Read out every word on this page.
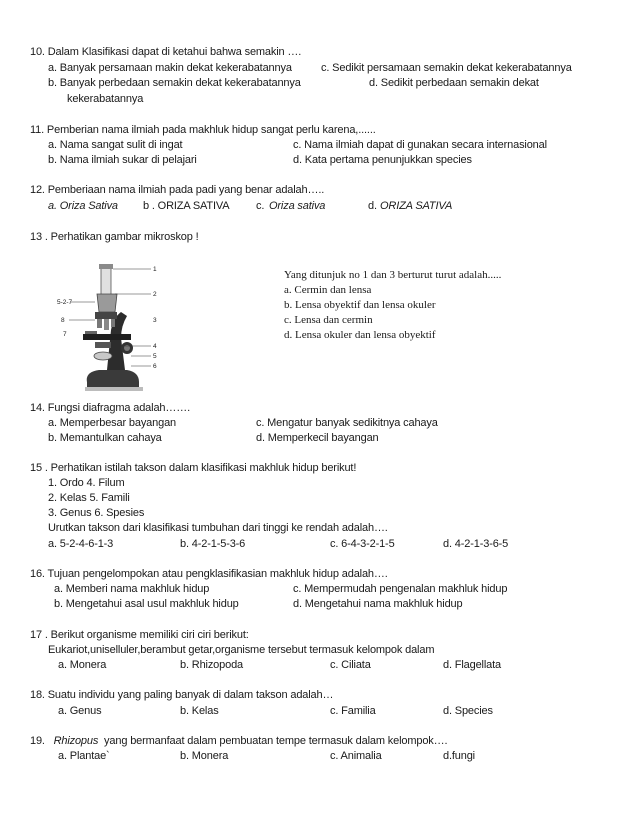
10. Dalam Klasifikasi dapat di ketahui bahwa semakin ….
a. Banyak persamaan makin dekat kekerabatannya	c. Sedikit persamaan semakin dekat kekerabatannya
b. Banyak perbedaan semakin dekat kekerabatannya	d. Sedikit perbedaan semakin dekat
kekerabatannya
11. Pemberian nama ilmiah pada makhluk hidup sangat perlu karena,......
a. Nama sangat sulit di ingat	c. Nama ilmiah dapat di gunakan secara internasional
b. Nama ilmiah sukar di pelajari	d. Kata pertama penunjukkan species
12. Pemberiaan nama ilmiah pada padi yang benar adalah…..
a. Oriza Sativa b . ORIZA SATIVA c. Oriza sativa	d. ORIZA SATIVA
13 . Perhatikan gambar mikroskop !
1
2
4
5
6
5-2-7
8
7
3
Yang ditunjuk no 1 dan 3 berturut turut adalah.....
a. Cermin dan lensa
b. Lensa obyektif dan lensa okuler
c. Lensa dan cermin
d. Lensa okuler dan lensa obyektif
14. Fungsi diafragma adalah…….
a. Memperbesar bayangan	c. Mengatur banyak sedikitnya cahaya
b. Memantulkan cahaya	d. Memperkecil bayangan
15 . Perhatikan istilah takson dalam klasifikasi makhluk hidup berikut!
1. Ordo 4. Filum
2. Kelas 5. Famili
3. Genus 6. Spesies
Urutkan takson dari klasifikasi tumbuhan dari tinggi ke rendah adalah….
a. 5-2-4-6-1-3	b. 4-2-1-5-3-6	c. 6-4-3-2-1-5	d. 4-2-1-3-6-5
16. Tujuan pengelompokan atau pengklasifikasian makhluk hidup adalah….
a. Memberi nama makhluk hidup	c. Mempermudah pengenalan makhluk hidup
b. Mengetahui asal usul makhluk hidup	d. Mengetahui nama makhluk hidup
17 . Berikut organisme memiliki ciri ciri berikut:
Eukariot,uniselluler,berambut getar,organisme tersebut termasuk kelompok dalam
a. Monera	b. Rhizopoda	c. Ciliata	d. Flagellata
18. Suatu individu yang paling banyak di dalam takson adalah…
a. Genus	b. Kelas	c. Familia	d. Species
19. Rhizopus yang bermanfaat dalam pembuatan tempe termasuk dalam kelompok….
a. Plantae`	b. Monera	c. Animalia	d.fungi
